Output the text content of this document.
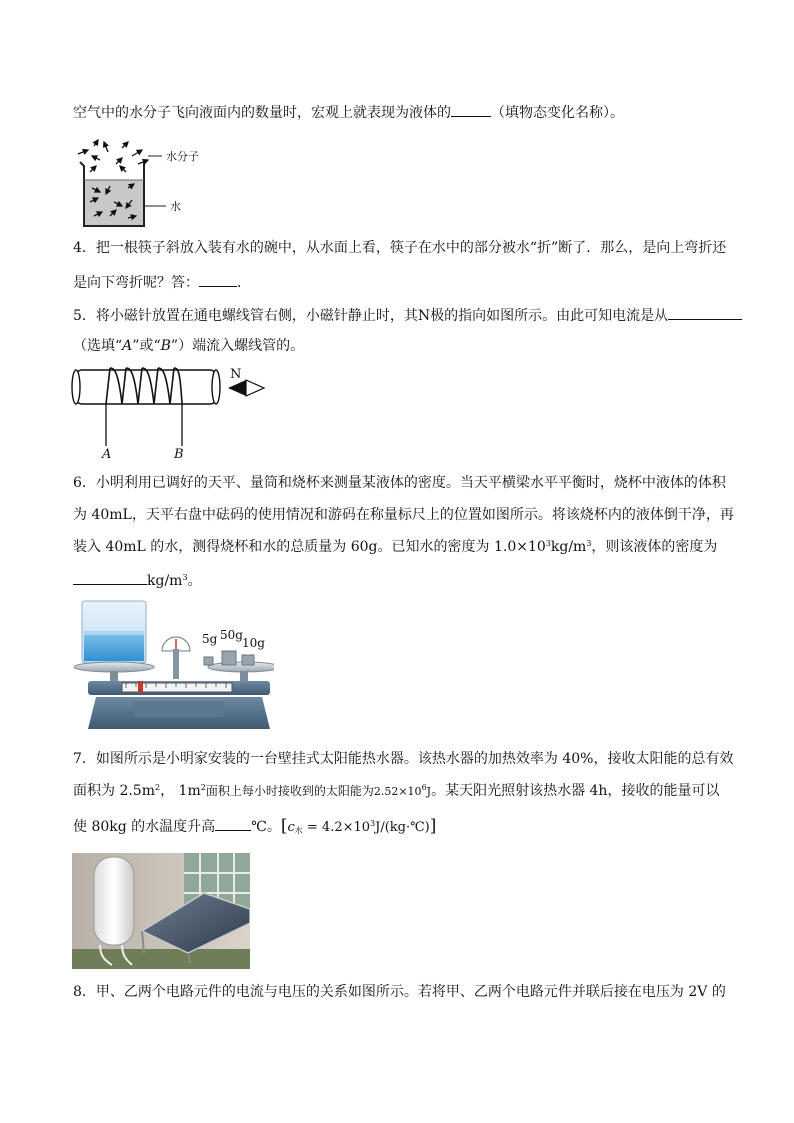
空气中的水分子飞向液面内的数量时，宏观上就表现为液体的	（填物态变化名称）。
水分子
水
4．把一根筷子斜放入装有水的碗中，从水面上看，筷子在水中的部分被水“折”断了．那么，是向上弯折还
是向下弯折呢？答：	．
5．将小磁针放置在通电螺线管右侧，小磁针静止时，其N极的指向如图所示。由此可知电流是从
（选填“A”或“B”）端流入螺线管的。
A	B
N
6．小明利用已调好的天平、量筒和烧杯来测量某液体的密度。当天平横梁水平平衡时，烧杯中液体的体积
为 40mL，天平右盘中砝码的使用情况和游码在称量标尺上的位置如图所示。将该烧杯内的液体倒干净，再
装入 40mL 的水，测得烧杯和水的总质量为 60g。已知水的密度为 $1.0\times 10^3kg/m^3$，则该液体的密度为
$kg/m^3$。
5g 50g
10g
7．如图所示是小明家安装的一台壁挂式太阳能热水器。该热水器的加热效率为 40%，接收太阳能的总有效
面积为 $2.5m^2$， $1m^2$面积上每小时接收到的太阳能为$2.52\times 10^6J$。某天阳光照射该热水器 4h，接收的能量可以
使 80kg 的水温度升高	℃。[$c_水$ = $4.2\times 10^3J/(kg\cdot℃)$]
8．甲、乙两个电路元件的电流与电压的关系如图所示。若将甲、乙两个电路元件并联后接在电压为 2V 的
